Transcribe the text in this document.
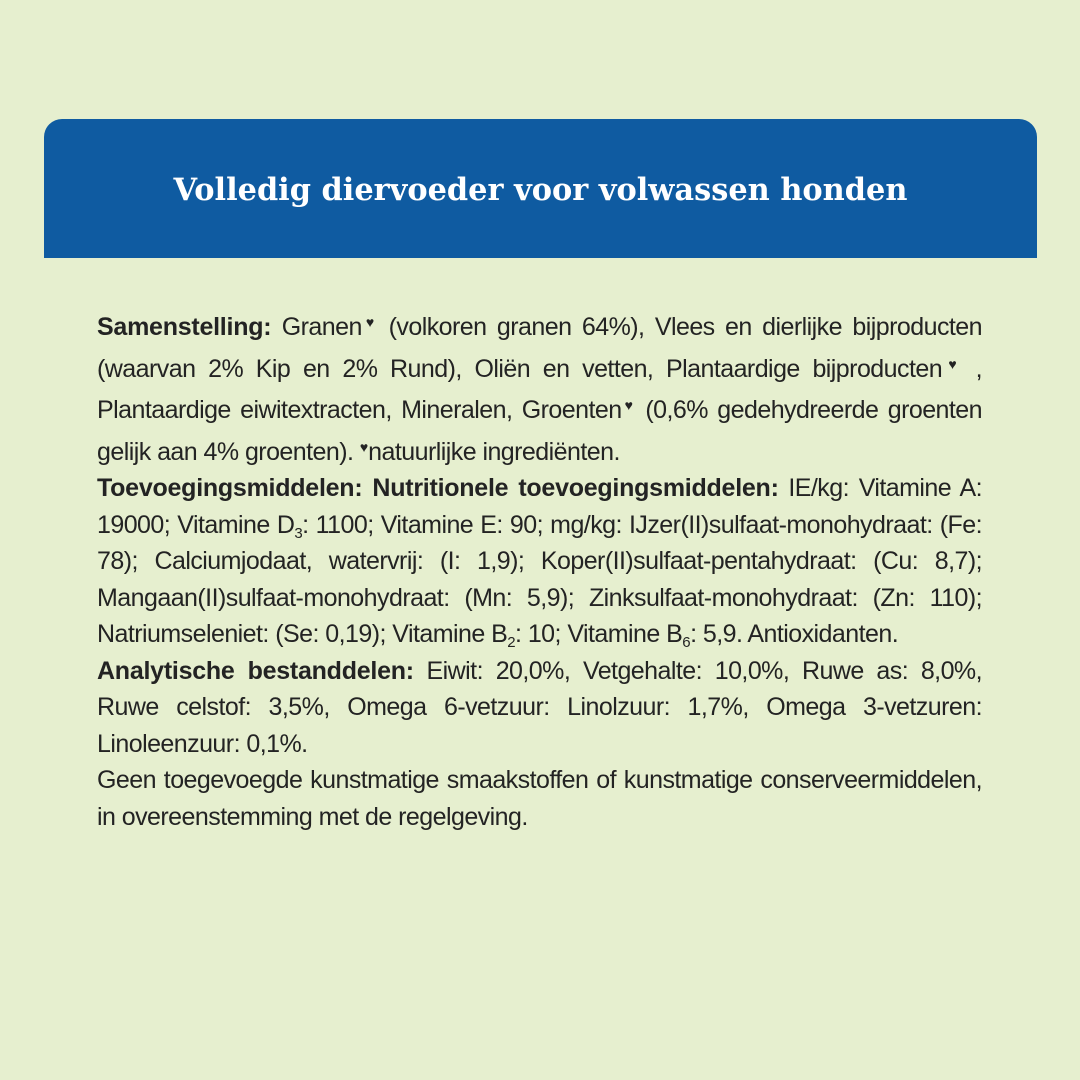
Volledig diervoeder voor volwassen honden

Samenstelling: Granen♥ (volkoren granen 64%), Vlees en dierlijke bijproducten (waarvan 2% Kip en 2% Rund), Oliën en vetten, Plantaardige bijproducten♥ , Plantaardige eiwitextracten, Mineralen, Groenten♥ (0,6% gedehydreerde groenten gelijk aan 4% groenten). ♥natuurlijke ingrediënten.

Toevoegingsmiddelen: Nutritionele toevoegingsmiddelen: IE/kg: Vitamine A: 19000; Vitamine $D_3$: 1100; Vitamine E: 90; mg/kg: IJzer(II)sulfaat-monohydraat: (Fe: 78); Calciumjodaat, watervrij: (I: 1,9); Koper(II)sulfaat-pentahydraat: (Cu: 8,7); Mangaan(II)sulfaat-monohydraat: (Mn: 5,9); Zinksulfaat-monohydraat: (Zn: 110); Natriumseleniet: (Se: 0,19); Vitamine $B_2$: 10; Vitamine $B_6$: 5,9. Antioxidanten.

Analytische bestanddelen: Eiwit: 20,0%, Vetgehalte: 10,0%, Ruwe as: 8,0%, Ruwe celstof: 3,5%, Omega 6-vetzuur: Linolzuur: 1,7%, Omega 3-vetzuren: Linoleenzuur: 0,1%.

Geen toegevoegde kunstmatige smaakstoffen of kunstmatige conserveermiddelen, in overeenstemming met de regelgeving.
